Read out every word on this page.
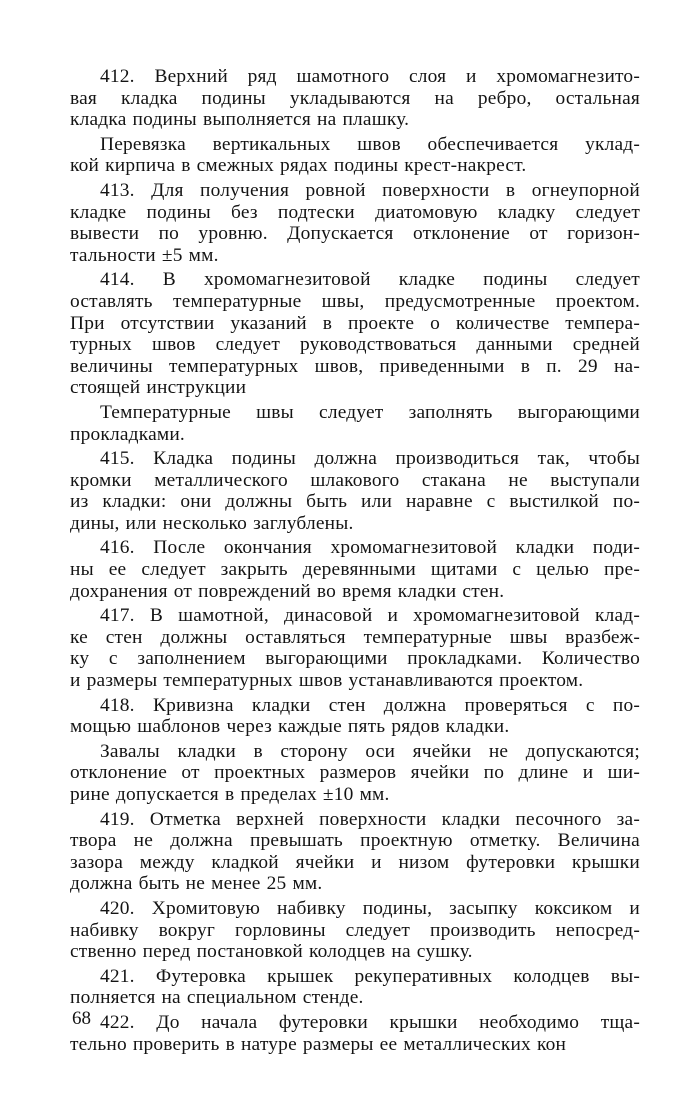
412. Верхний ряд шамотного слоя и хромомагнезито-
вая кладка подины укладываются на ребро, остальная
кладка подины выполняется на плашку.

Перевязка вертикальных швов обеспечивается уклад-
кой кирпича в смежных рядах подины крест-накрест.

413. Для получения ровной поверхности в огнеупорной
кладке подины без подтески диатомовую кладку следует
вывести по уровню. Допускается отклонение от горизон-
тальности ±5 мм.

414. В хромомагнезитовой кладке подины следует
оставлять температурные швы, предусмотренные проектом.
При отсутствии указаний в проекте о количестве темпера-
турных швов следует руководствоваться данными средней
величины температурных швов, приведенными в п. 29 на-
стоящей инструкции

Температурные швы следует заполнять выгорающими
прокладками.

415. Кладка подины должна производиться так, чтобы
кромки металлического шлакового стакана не выступали
из кладки: они должны быть или наравне с выстилкой по-
дины, или несколько заглублены.

416. После окончания хромомагнезитовой кладки поди-
ны ее следует закрыть деревянными щитами с целью пре-
дохранения от повреждений во время кладки стен.

417. В шамотной, динасовой и хромомагнезитовой клад-
ке стен должны оставляться температурные швы вразбеж-
ку с заполнением выгорающими прокладками. Количество
и размеры температурных швов устанавливаются проектом.

418. Кривизна кладки стен должна проверяться с по-
мощью шаблонов через каждые пять рядов кладки.

Завалы кладки в сторону оси ячейки не допускаются;
отклонение от проектных размеров ячейки по длине и ши-
рине допускается в пределах ±10 мм.

419. Отметка верхней поверхности кладки песочного за-
твора не должна превышать проектную отметку. Величина
зазора между кладкой ячейки и низом футеровки крышки
должна быть не менее 25 мм.

420. Хромитовую набивку подины, засыпку коксиком и
набивку вокруг горловины следует производить непосред-
ственно перед постановкой колодцев на сушку.

421. Футеровка крышек рекуперативных колодцев вы-
полняется на специальном стенде.

422. До начала футеровки крышки необходимо тща-
тельно проверить в натуре размеры ее металлических кон

68
